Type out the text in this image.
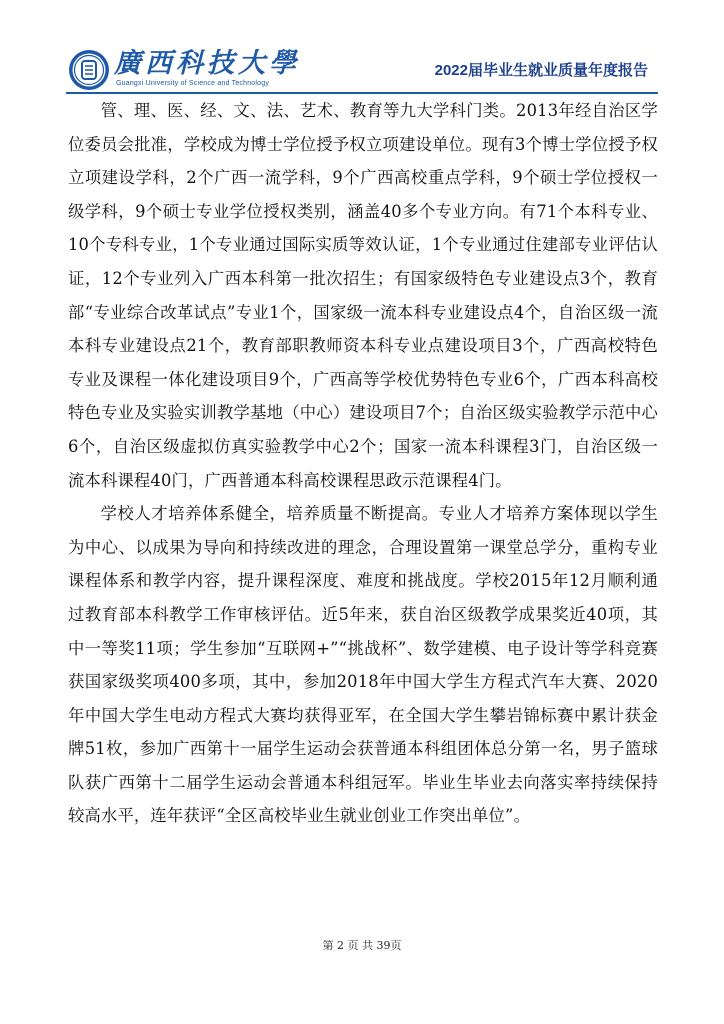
廣西科技大學
Guangxi University of Science and Technology
2022届毕业生就业质量年度报告

管、理、医、经、文、法、艺术、教育等九大学科门类。2013年经自治区学位委员会批准，学校成为博士学位授予权立项建设单位。现有3个博士学位授予权立项建设学科，2个广西一流学科，9个广西高校重点学科，9个硕士学位授权一级学科，9个硕士专业学位授权类别，涵盖40多个专业方向。有71个本科专业、10个专科专业，1个专业通过国际实质等效认证，1个专业通过住建部专业评估认证，12个专业列入广西本科第一批次招生；有国家级特色专业建设点3个，教育部“专业综合改革试点”专业1个，国家级一流本科专业建设点4个，自治区级一流本科专业建设点21个，教育部职教师资本科专业点建设项目3个，广西高校特色专业及课程一体化建设项目9个，广西高等学校优势特色专业6个，广西本科高校特色专业及实验实训教学基地（中心）建设项目7个；自治区级实验教学示范中心6个，自治区级虚拟仿真实验教学中心2个；国家一流本科课程3门，自治区级一流本科课程40门，广西普通本科高校课程思政示范课程4门。

学校人才培养体系健全，培养质量不断提高。专业人才培养方案体现以学生为中心、以成果为导向和持续改进的理念，合理设置第一课堂总学分，重构专业课程体系和教学内容，提升课程深度、难度和挑战度。学校2015年12月顺利通过教育部本科教学工作审核评估。近5年来，获自治区级教学成果奖近40项，其中一等奖11项；学生参加“互联网+”“挑战杯”、数学建模、电子设计等学科竞赛获国家级奖项400多项，其中，参加2018年中国大学生方程式汽车大赛、2020年中国大学生电动方程式大赛均获得亚军，在全国大学生攀岩锦标赛中累计获金牌51枚，参加广西第十一届学生运动会获普通本科组团体总分第一名，男子篮球队获广西第十二届学生运动会普通本科组冠军。毕业生毕业去向落实率持续保持较高水平，连年获评“全区高校毕业生就业创业工作突出单位”。

第 2 页 共 39页
